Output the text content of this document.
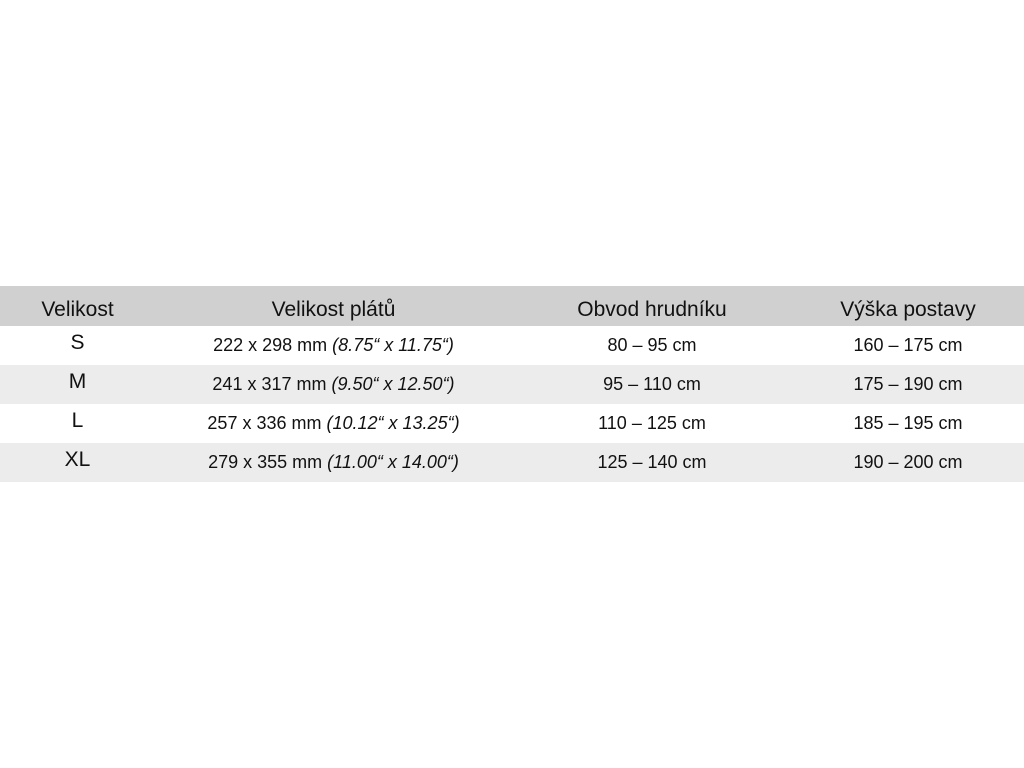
Velikost	Velikost plátů	Obvod hrudníku	Výška postavy
S	222 x 298 mm (8.75“ x 11.75“)	80 – 95 cm	160 – 175 cm
M	241 x 317 mm (9.50“ x 12.50“)	95 – 110 cm	175 – 190 cm
L	257 x 336 mm (10.12“ x 13.25“)	110 – 125 cm	185 – 195 cm
XL	279 x 355 mm (11.00“ x 14.00“)	125 – 140 cm	190 – 200 cm
